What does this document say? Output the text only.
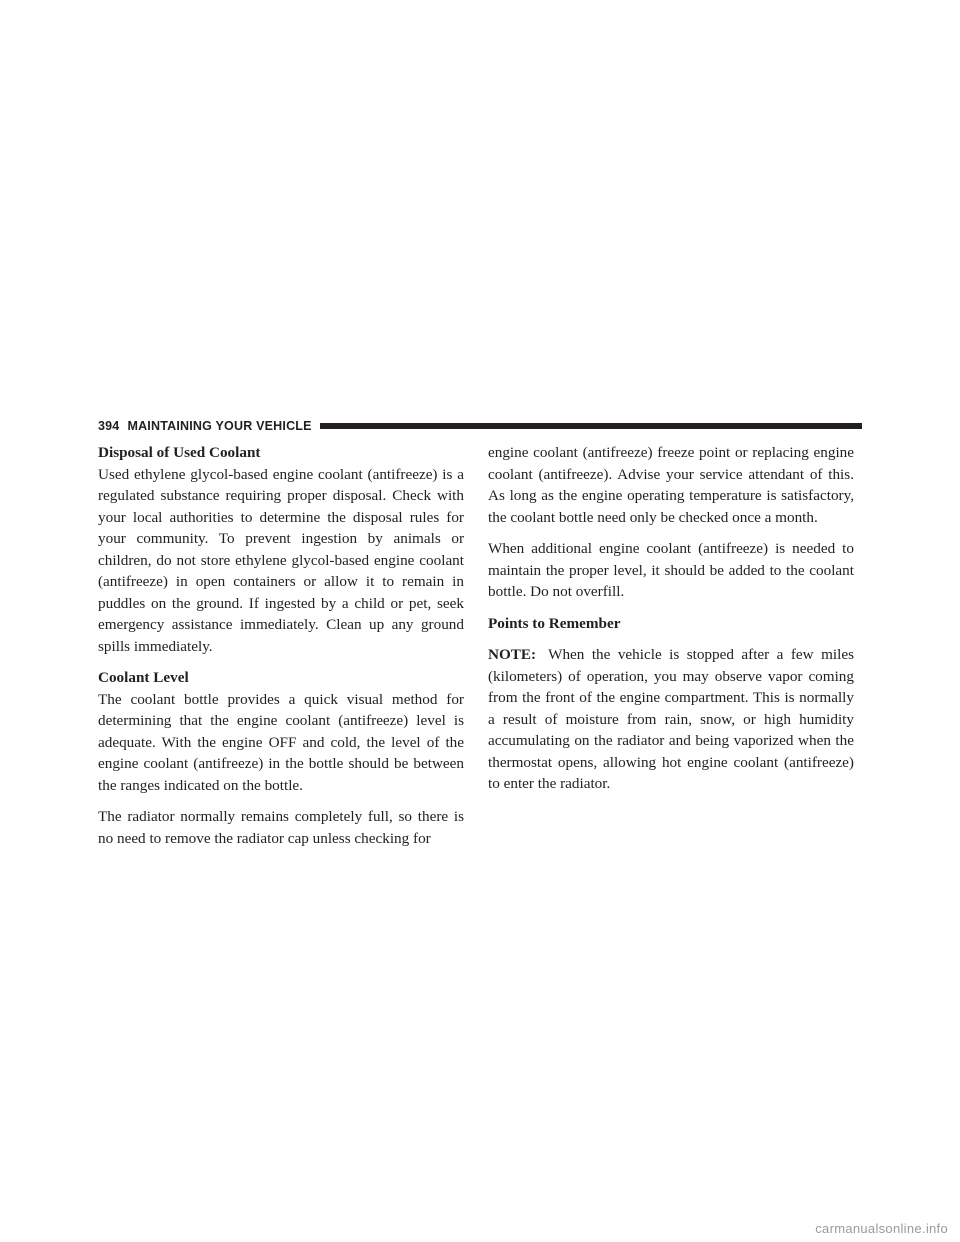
394 MAINTAINING YOUR VEHICLE
Disposal of Used Coolant

Used ethylene glycol-based engine coolant (antifreeze) is a regulated substance requiring proper disposal. Check with your local authorities to determine the disposal rules for your community. To prevent ingestion by animals or children, do not store ethylene glycol-based engine coolant (antifreeze) in open containers or allow it to remain in puddles on the ground. If ingested by a child or pet, seek emergency assistance immediately. Clean up any ground spills immediately.

Coolant Level

The coolant bottle provides a quick visual method for determining that the engine coolant (antifreeze) level is adequate. With the engine OFF and cold, the level of the engine coolant (antifreeze) in the bottle should be between the ranges indicated on the bottle.

The radiator normally remains completely full, so there is no need to remove the radiator cap unless checking for

engine coolant (antifreeze) freeze point or replacing engine coolant (antifreeze). Advise your service attendant of this. As long as the engine operating temperature is satisfactory, the coolant bottle need only be checked once a month.

When additional engine coolant (antifreeze) is needed to maintain the proper level, it should be added to the coolant bottle. Do not overfill.

Points to Remember

NOTE: When the vehicle is stopped after a few miles (kilometers) of operation, you may observe vapor coming from the front of the engine compartment. This is normally a result of moisture from rain, snow, or high humidity accumulating on the radiator and being vaporized when the thermostat opens, allowing hot engine coolant (antifreeze) to enter the radiator.

carmanualsonline.info
